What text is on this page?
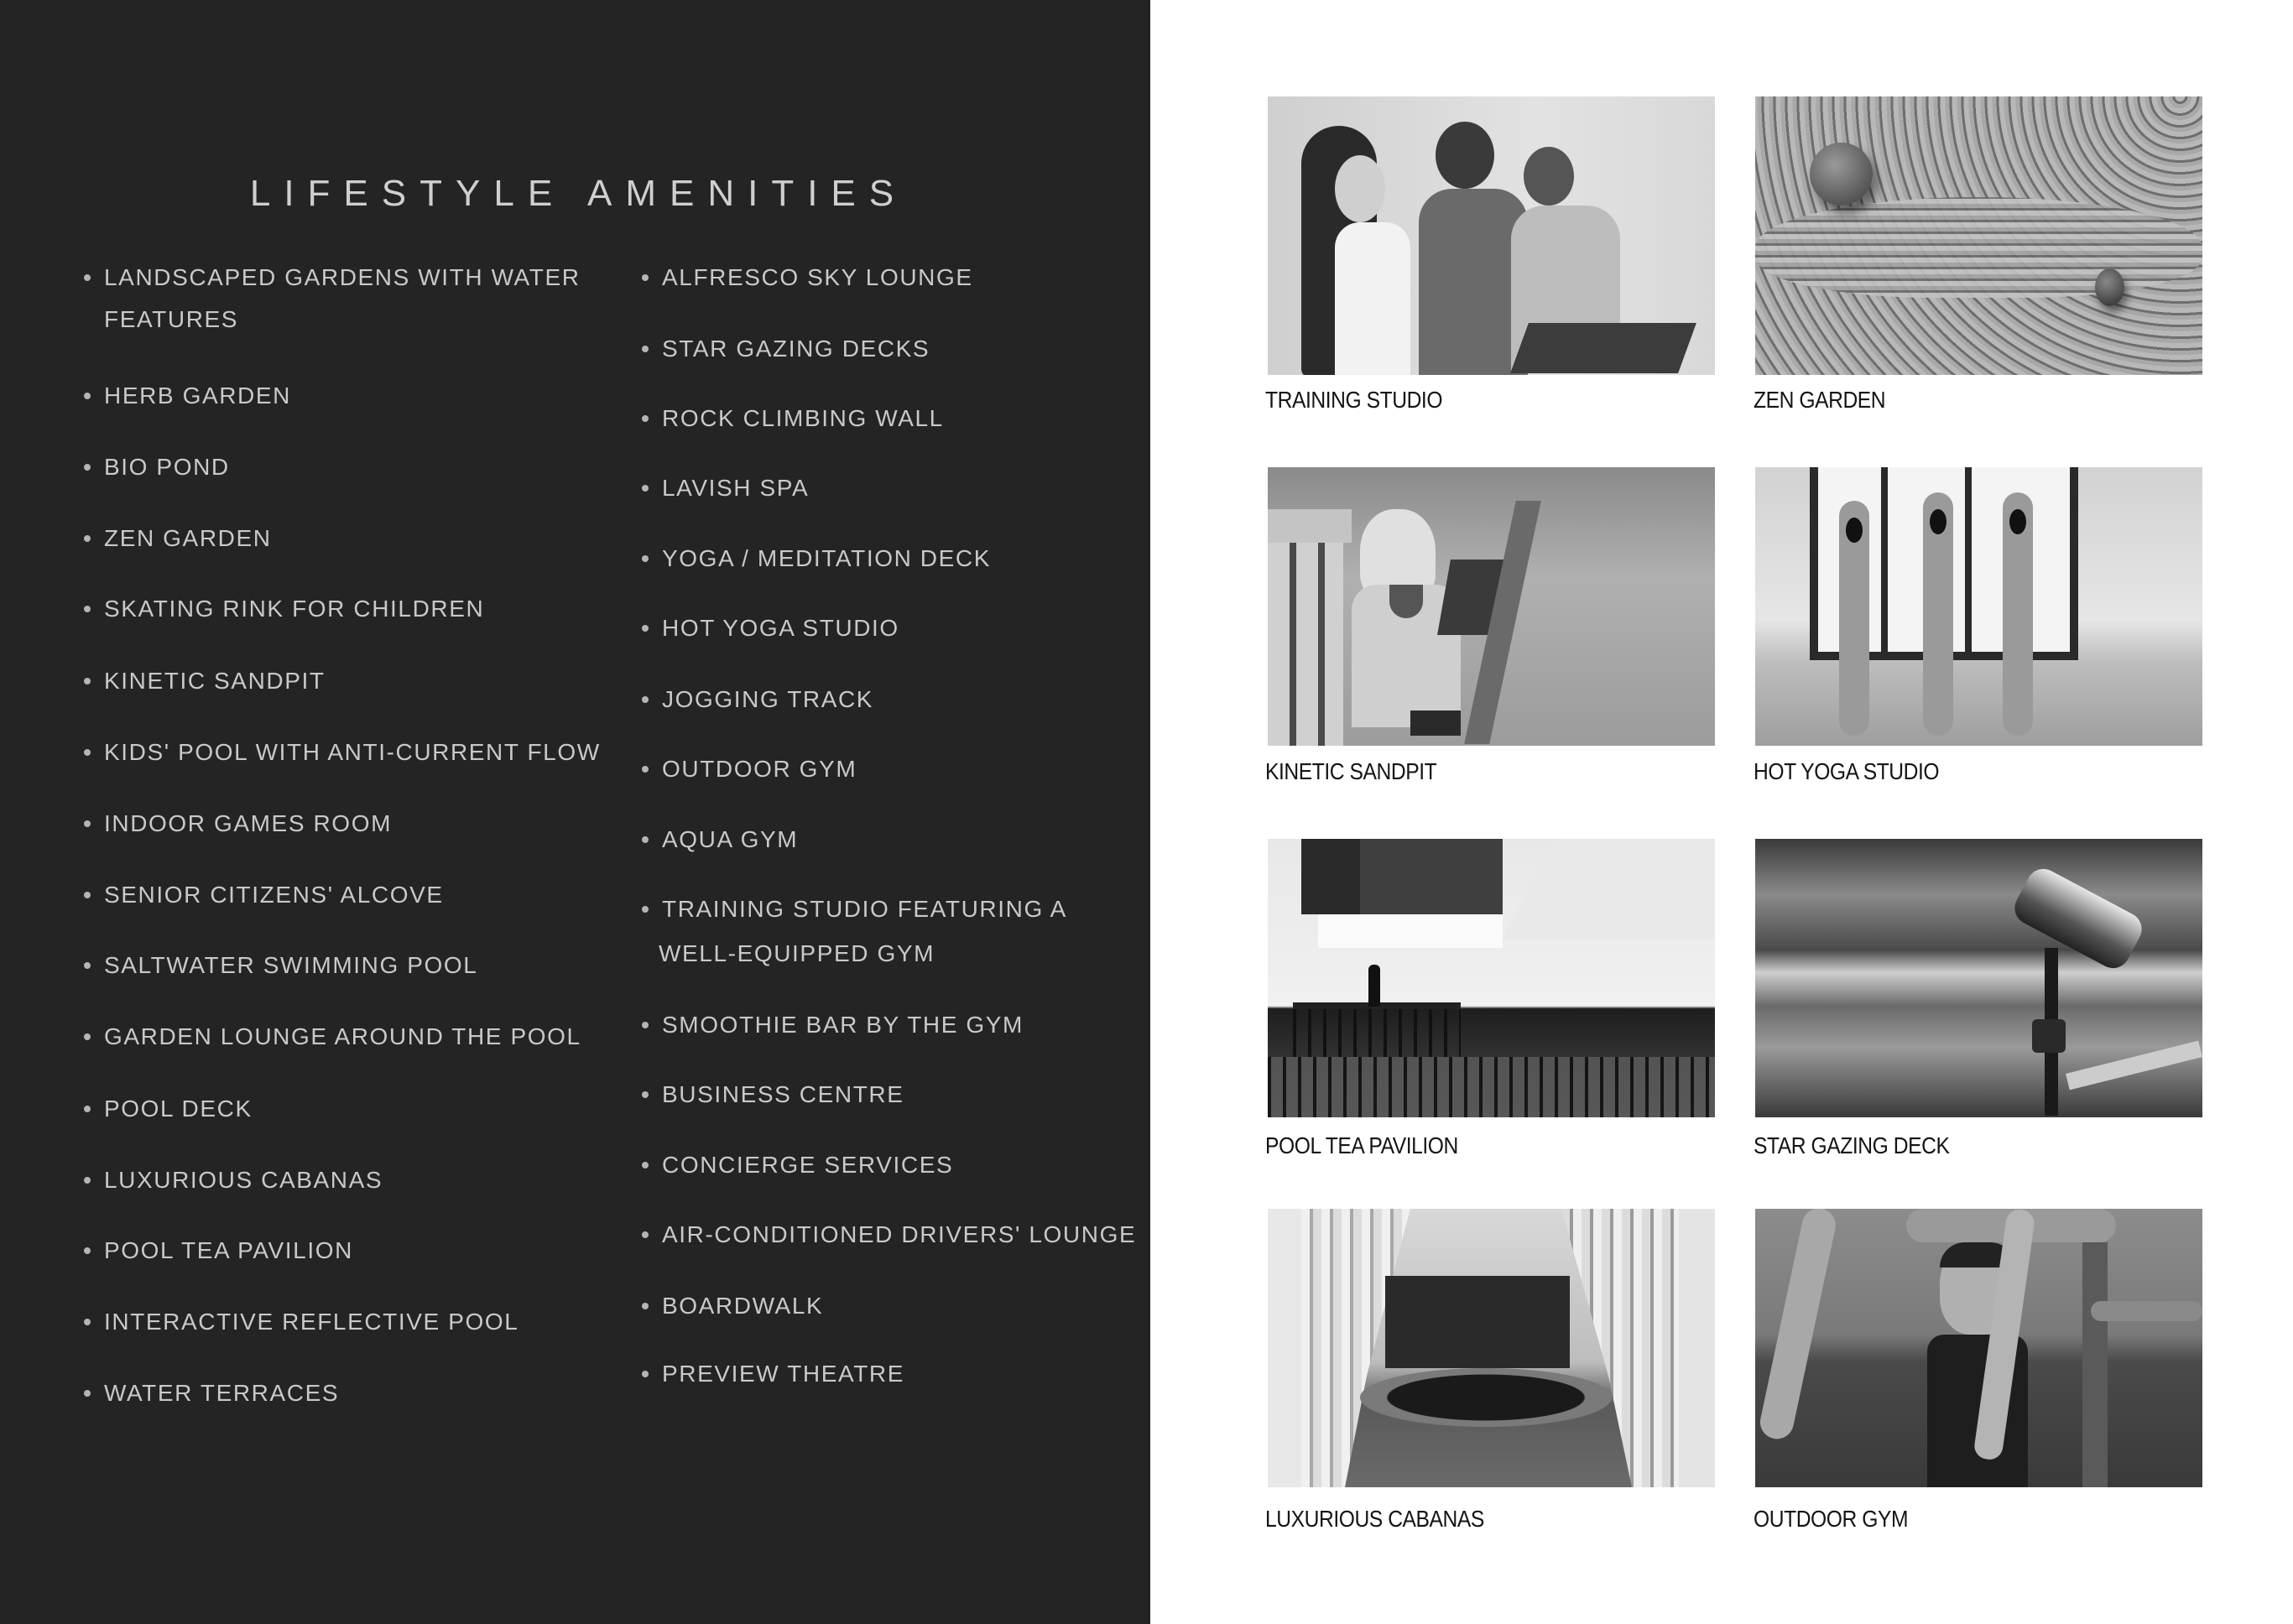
LIFESTYLE AMENITIES
LANDSCAPED GARDENS WITH WATER
FEATURES
HERB GARDEN
BIO POND
ZEN GARDEN
SKATING RINK FOR CHILDREN
KINETIC SANDPIT
KIDS' POOL WITH ANTI-CURRENT FLOW
INDOOR GAMES ROOM
SENIOR CITIZENS' ALCOVE
SALTWATER SWIMMING POOL
GARDEN LOUNGE AROUND THE POOL
POOL DECK
LUXURIOUS CABANAS
POOL TEA PAVILION
INTERACTIVE REFLECTIVE POOL
WATER TERRACES
ALFRESCO SKY LOUNGE
STAR GAZING DECKS
ROCK CLIMBING WALL
LAVISH SPA
YOGA / MEDITATION DECK
HOT YOGA STUDIO
JOGGING TRACK
OUTDOOR GYM
AQUA GYM
TRAINING STUDIO FEATURING A
WELL-EQUIPPED GYM
SMOOTHIE BAR BY THE GYM
BUSINESS CENTRE
CONCIERGE SERVICES
AIR-CONDITIONED DRIVERS' LOUNGE
BOARDWALK
PREVIEW THEATRE
TRAINING STUDIO	ZEN GARDEN
KINETIC SANDPIT	HOT YOGA STUDIO
POOL TEA PAVILION	STAR GAZING DECK
LUXURIOUS CABANAS	OUTDOOR GYM
